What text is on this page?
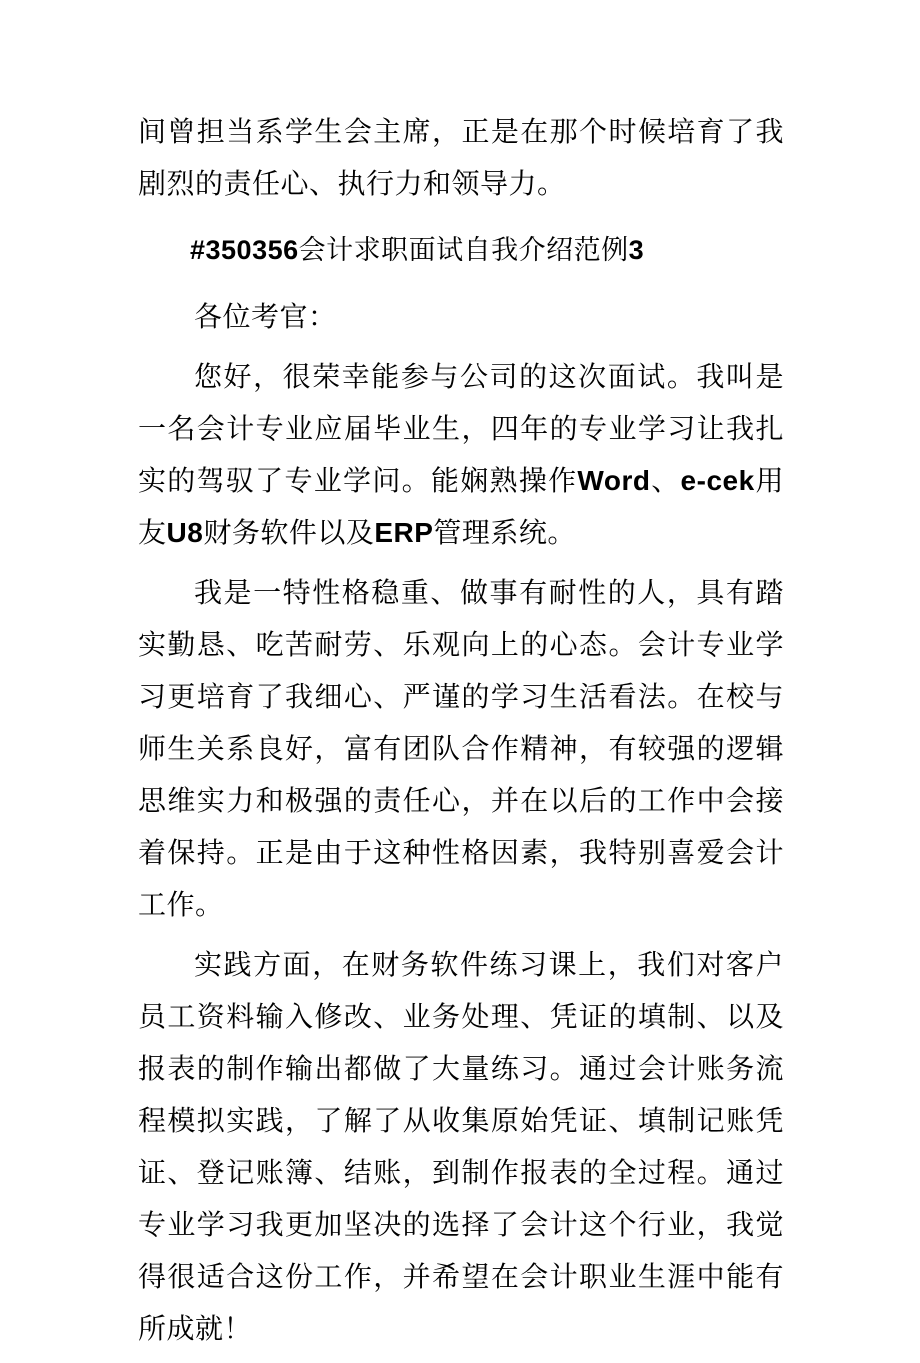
间曾担当系学生会主席，正是在那个时候培育了我剧烈的责任心、执行力和领导力。

#350356会计求职面试自我介绍范例3

各位考官：

您好，很荣幸能参与公司的这次面试。我叫是一名会计专业应届毕业生，四年的专业学习让我扎实的驾驭了专业学问。能娴熟操作Word、e-cek用友U8财务软件以及ERP管理系统。

我是一特性格稳重、做事有耐性的人，具有踏实勤恳、吃苦耐劳、乐观向上的心态。会计专业学习更培育了我细心、严谨的学习生活看法。在校与师生关系良好，富有团队合作精神，有较强的逻辑思维实力和极强的责任心，并在以后的工作中会接着保持。正是由于这种性格因素，我特别喜爱会计工作。

实践方面，在财务软件练习课上，我们对客户员工资料输入修改、业务处理、凭证的填制、以及报表的制作输出都做了大量练习。通过会计账务流程模拟实践，了解了从收集原始凭证、填制记账凭证、登记账簿、结账，到制作报表的全过程。通过专业学习我更加坚决的选择了会计这个行业，我觉得很适合这份工作，并希望在会计职业生涯中能有所成就！
